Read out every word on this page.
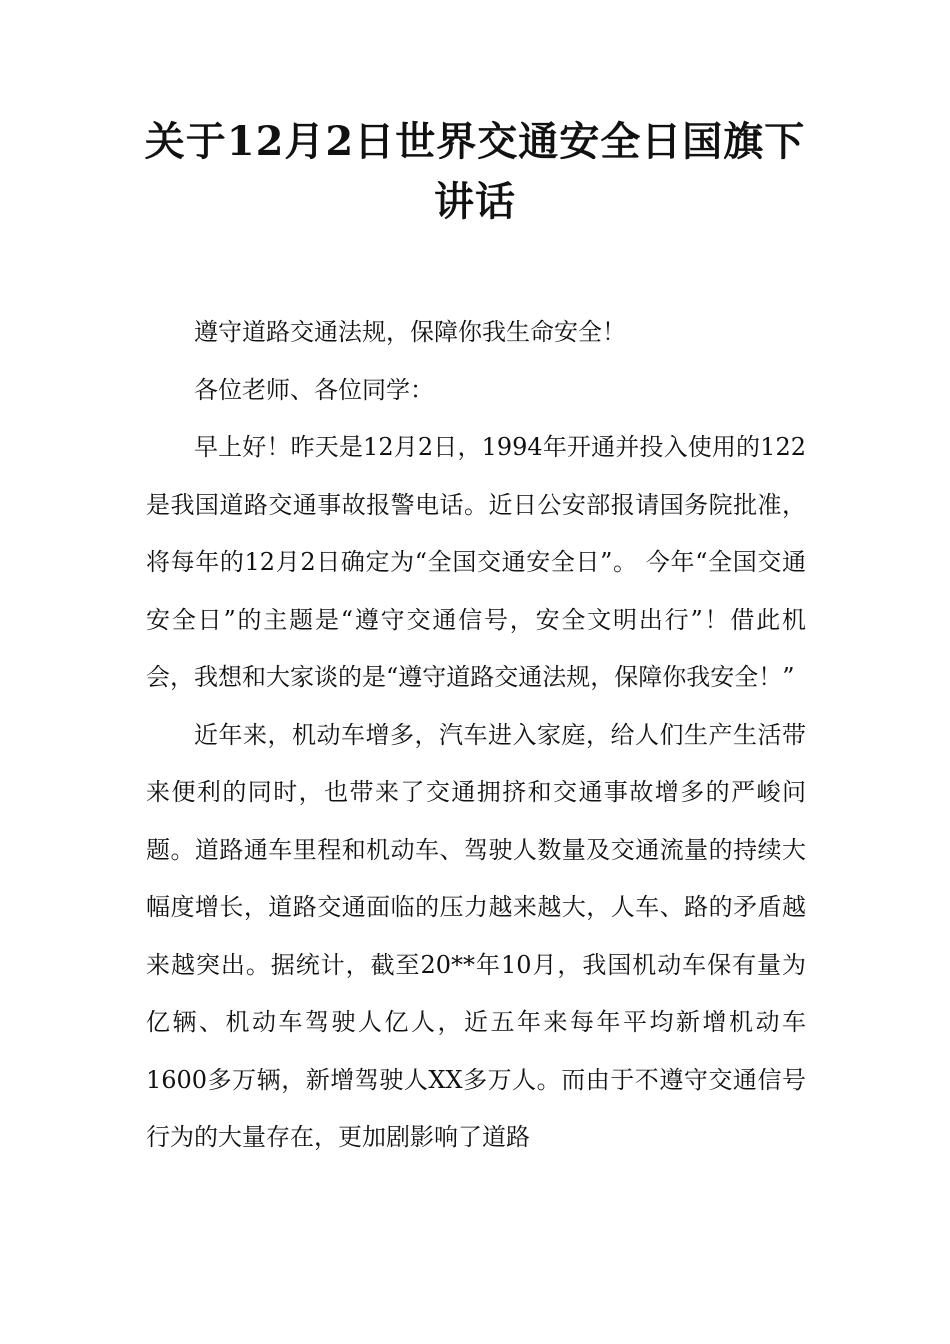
关于12月2日世界交通安全日国旗下讲话

遵守道路交通法规，保障你我生命安全！

各位老师、各位同学：

早上好！昨天是12月2日，1994年开通并投入使用的122是我国道路交通事故报警电话。近日公安部报请国务院批准，将每年的12月2日确定为“全国交通安全日”。 今年“全国交通安全日”的主题是“遵守交通信号，安全文明出行”！借此机会，我想和大家谈的是“遵守道路交通法规，保障你我安全！”

近年来，机动车增多，汽车进入家庭，给人们生产生活带来便利的同时，也带来了交通拥挤和交通事故增多的严峻问题。道路通车里程和机动车、驾驶人数量及交通流量的持续大幅度增长，道路交通面临的压力越来越大，人车、路的矛盾越来越突出。据统计，截至20**年10月，我国机动车保有量为亿辆、机动车驾驶人亿人，近五年来每年平均新增机动车1600多万辆，新增驾驶人XX多万人。而由于不遵守交通信号行为的大量存在，更加剧影响了道路
